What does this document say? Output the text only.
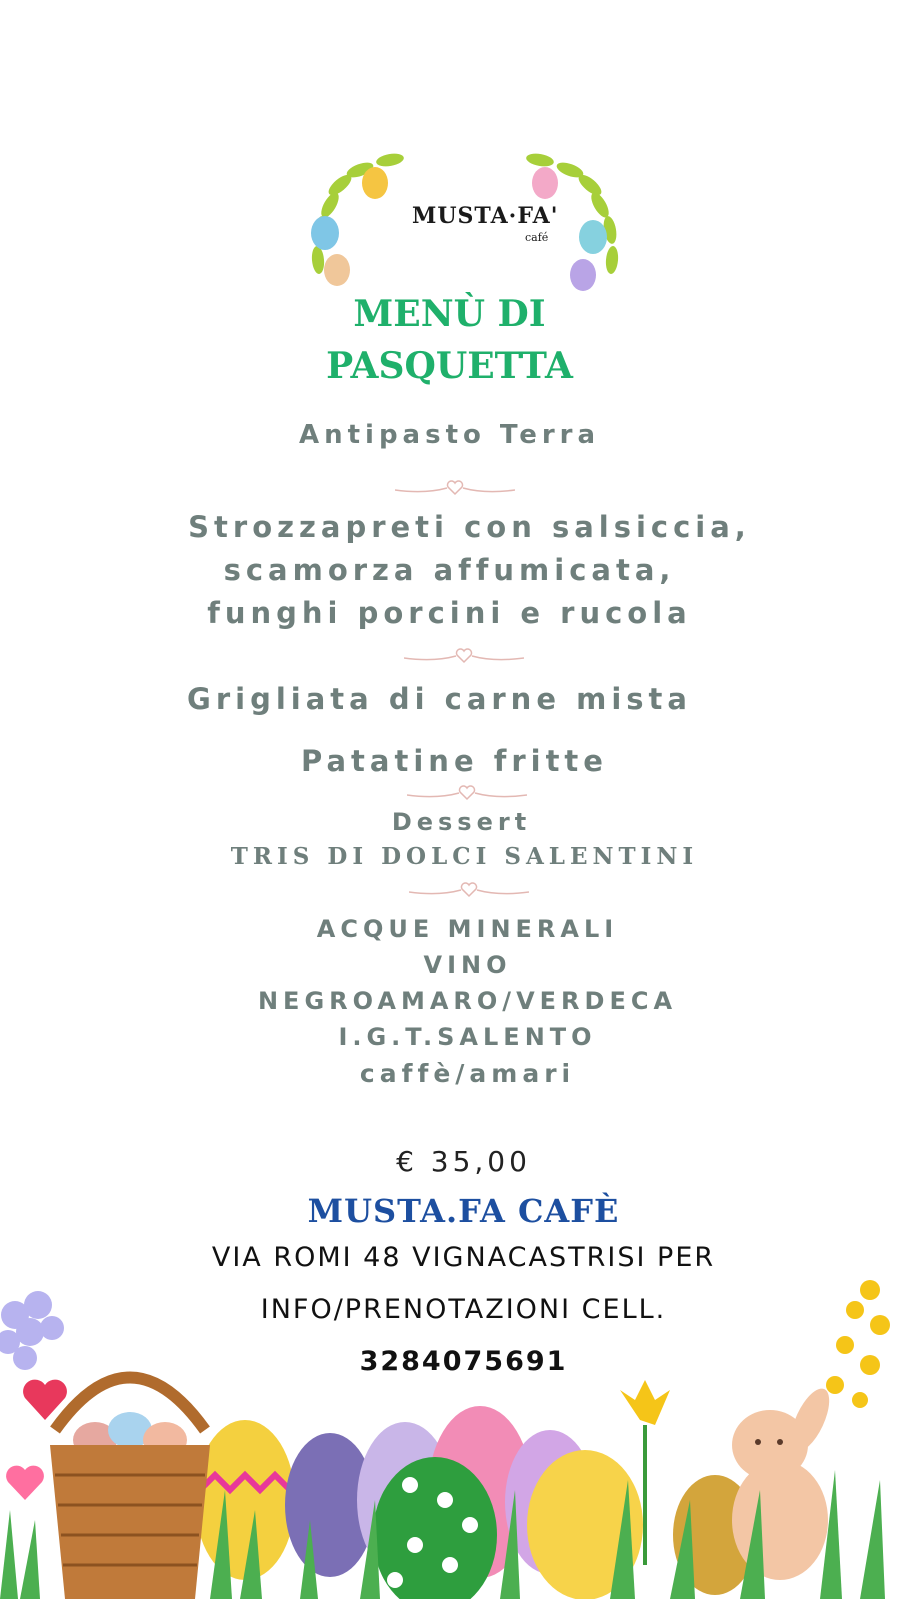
MUSTA·FA'
café
MENÙ DI
PASQUETTA
Antipasto Terra
Strozzapreti con salsiccia,
scamorza affumicata,
funghi porcini e rucola
Grigliata di carne mista
Patatine fritte
Dessert
TRIS DI DOLCI SALENTINI
ACQUE MINERALI
VINO
NEGROAMARO/VERDECA
I.G.T.SALENTO
caffè/amari
€ 35,00
MUSTA.FA CAFÈ
VIA ROMI 48 VIGNACASTRISI PER
INFO/PRENOTAZIONI CELL.
3284075691
